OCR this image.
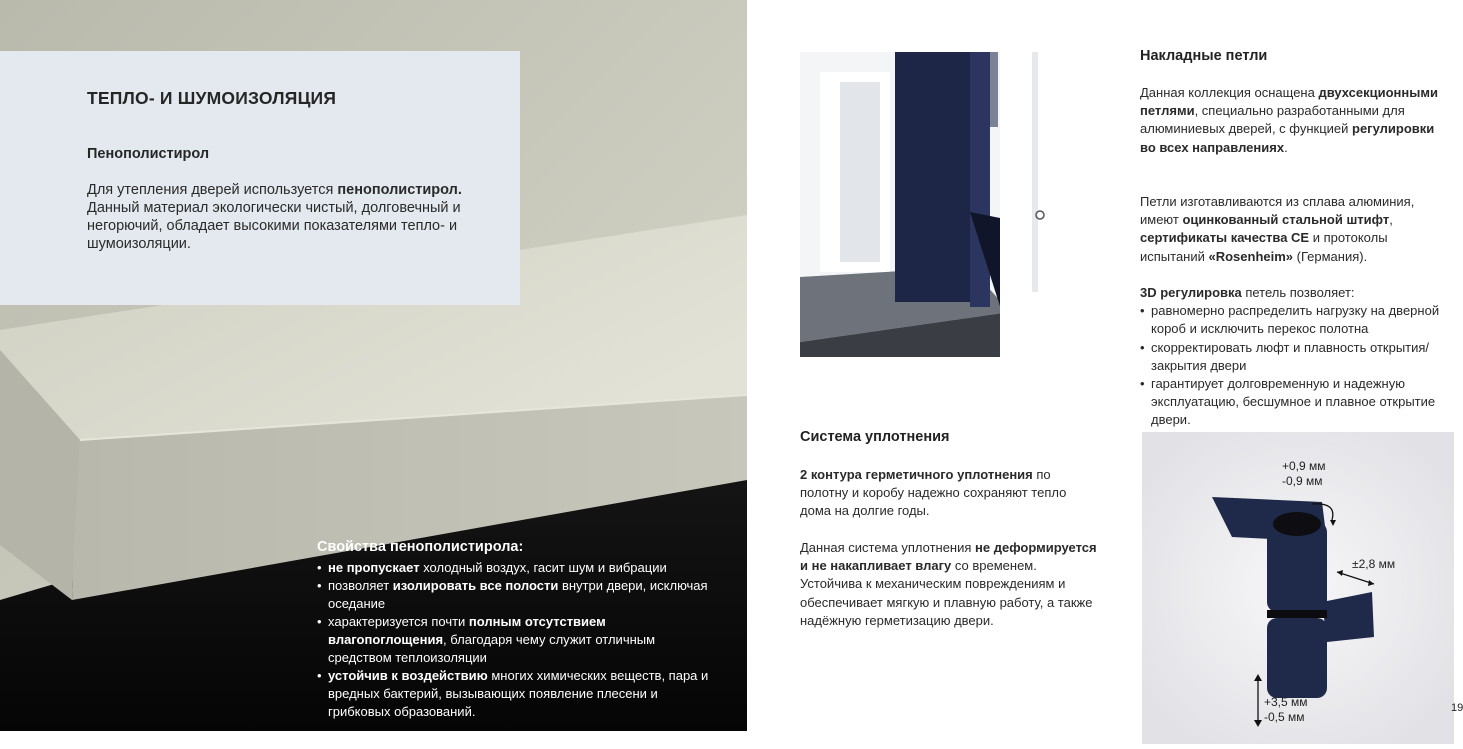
ТЕПЛО- И ШУМОИЗОЛЯЦИЯ
Пенополистирол

Для утепления дверей используется пенополистирол. Данный материал экологически чистый, долговечный и негорючий, обладает высокими показателями тепло- и шумоизоляции.

Свойства пенополистирола:

• не пропускает холодный воздух, гасит шум и вибрации
• позволяет изолировать все полости внутри двери, исключая оседание
• характеризуется почти полным отсутствием влагопоглощения, благодаря чему служит отличным средством теплоизоляции
• устойчив к воздействию многих химических веществ, пара и вредных бактерий, вызывающих появление плесени и грибковых образований.
Система уплотнения

2 контура герметичного уплотнения по полотну и коробу надежно сохраняют тепло дома на долгие годы.

Данная система уплотнения не деформируется и не накапливает влагу со временем. Устойчива к механическим повреждениям и обеспечивает мягкую и плавную работу, а также надёжную герметизацию двери.

Накладные петли

Данная коллекция оснащена двухсекционными петлями, специально разработанными для алюминиевых дверей, с функцией регулировки во всех направлениях.

Петли изготавливаются из сплава алюминия, имеют оцинкованный стальной штифт, сертификаты качества CE и протоколы испытаний «Rosenheim» (Германия).

3D регулировка петель позволяет:
• равномерно распределить нагрузку на дверной короб и исключить перекос полотна
• скорректировать люфт и плавность открытия/закрытия двери
• гарантирует долговременную и надежную эксплуатацию, бесшумное и плавное открытие двери.

+0,9 мм
-0,9 мм

±2,8 мм

+3,5 мм
-0,5 мм

19
